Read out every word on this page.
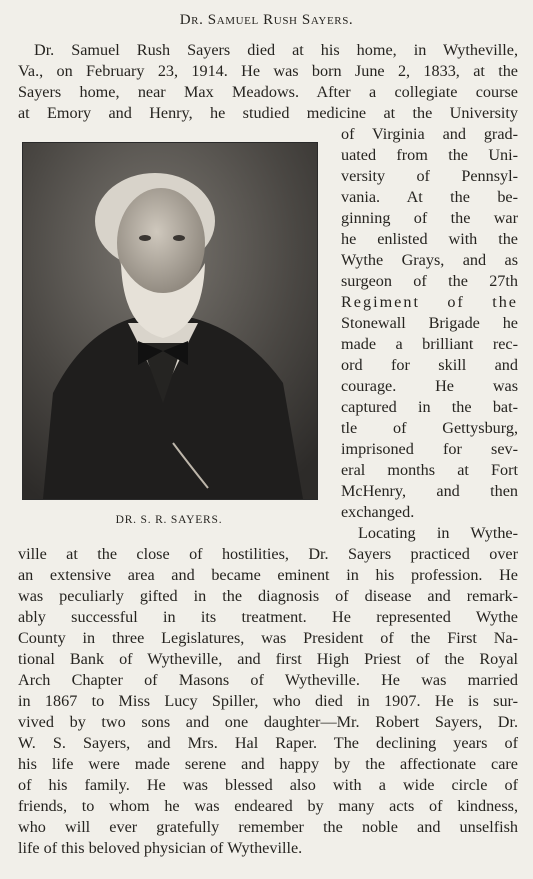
Dr. Samuel Rush Sayers.
Dr. Samuel Rush Sayers died at his home, in Wytheville,
Va., on February 23, 1914. He was born June 2, 1833, at the
Sayers home, near Max Meadows. After a collegiate course
at Emory and Henry, he studied medicine at the University
DR. S. R. SAYERS.
of Virginia and grad-
uated from the Uni-
versity of Pennsyl-
vania. At the be-
ginning of the war
he enlisted with the
Wythe Grays, and as
surgeon of the 27th
Regiment of the
Stonewall Brigade he
made a brilliant rec-
ord for skill and
courage. He was
captured in the bat-
tle of Gettysburg,
imprisoned for sev-
eral months at Fort
McHenry, and then
exchanged.
Locating in Wythe-
ville at the close of hostilities, Dr. Sayers practiced over
an extensive area and became eminent in his profession. He
was peculiarly gifted in the diagnosis of disease and remark-
ably successful in its treatment. He represented Wythe
County in three Legislatures, was President of the First Na-
tional Bank of Wytheville, and first High Priest of the Royal
Arch Chapter of Masons of Wytheville. He was married
in 1867 to Miss Lucy Spiller, who died in 1907. He is sur-
vived by two sons and one daughter—Mr. Robert Sayers, Dr.
W. S. Sayers, and Mrs. Hal Raper. The declining years of
his life were made serene and happy by the affectionate care
of his family. He was blessed also with a wide circle of
friends, to whom he was endeared by many acts of kindness,
who will ever gratefully remember the noble and unselfish
life of this beloved physician of Wytheville.
